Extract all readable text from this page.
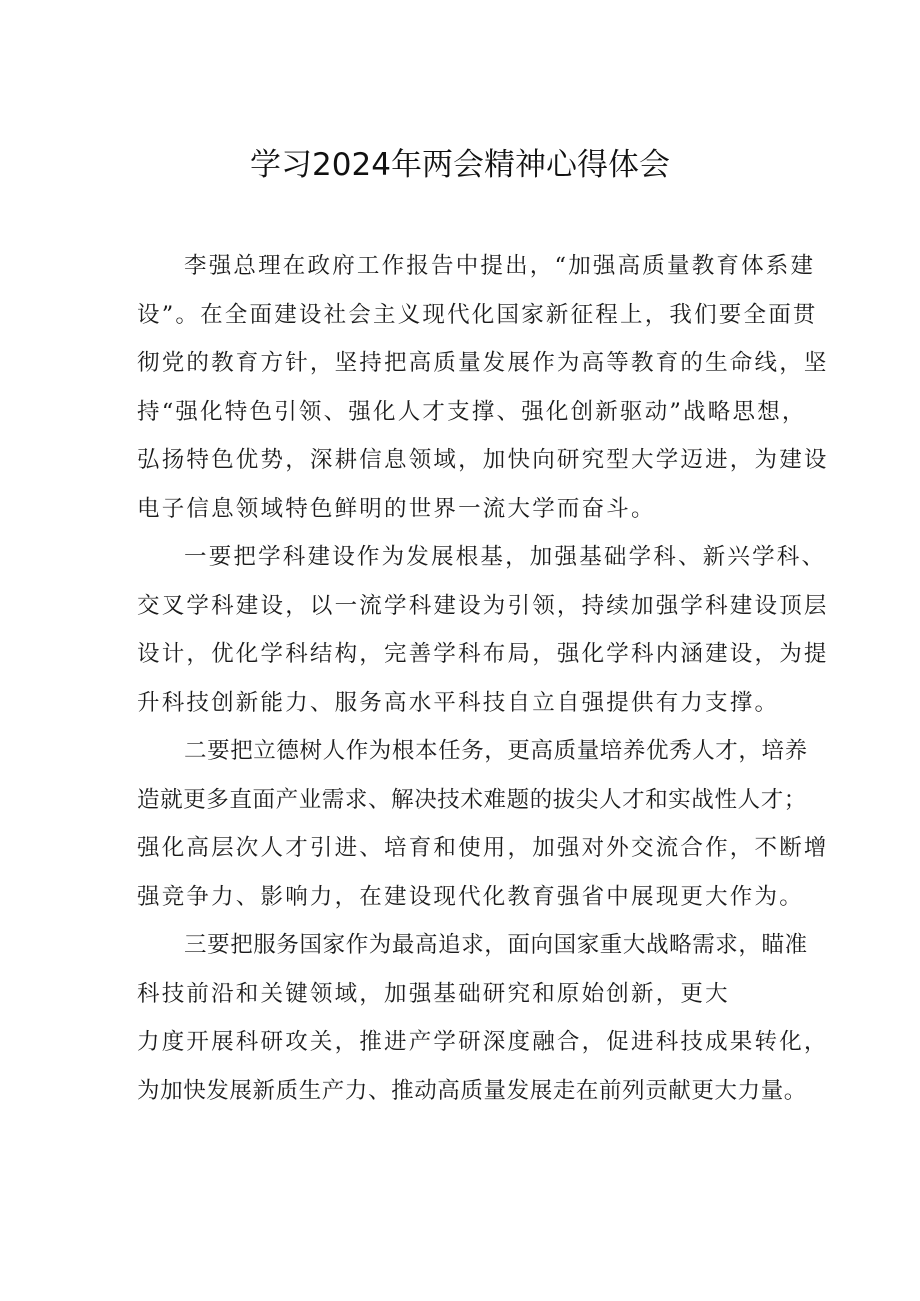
学习2024年两会精神心得体会
李强总理在政府工作报告中提出，“加强高质量教育体系建
设”。在全面建设社会主义现代化国家新征程上，我们要全面贯
彻党的教育方针，坚持把高质量发展作为高等教育的生命线，坚
持“强化特色引领、强化人才支撑、强化创新驱动”战略思想，
弘扬特色优势，深耕信息领域，加快向研究型大学迈进，为建设
电子信息领域特色鲜明的世界一流大学而奋斗。
一要把学科建设作为发展根基，加强基础学科、新兴学科、
交叉学科建设，以一流学科建设为引领，持续加强学科建设顶层
设计，优化学科结构，完善学科布局，强化学科内涵建设，为提
升科技创新能力、服务高水平科技自立自强提供有力支撑。
二要把立德树人作为根本任务，更高质量培养优秀人才，培养
造就更多直面产业需求、解决技术难题的拔尖人才和实战性人才；
强化高层次人才引进、培育和使用，加强对外交流合作，不断增
强竞争力、影响力，在建设现代化教育强省中展现更大作为。
三要把服务国家作为最高追求，面向国家重大战略需求，瞄准
科技前沿和关键领域，加强基础研究和原始创新，更大
力度开展科研攻关，推进产学研深度融合，促进科技成果转化，
为加快发展新质生产力、推动高质量发展走在前列贡献更大力量。
